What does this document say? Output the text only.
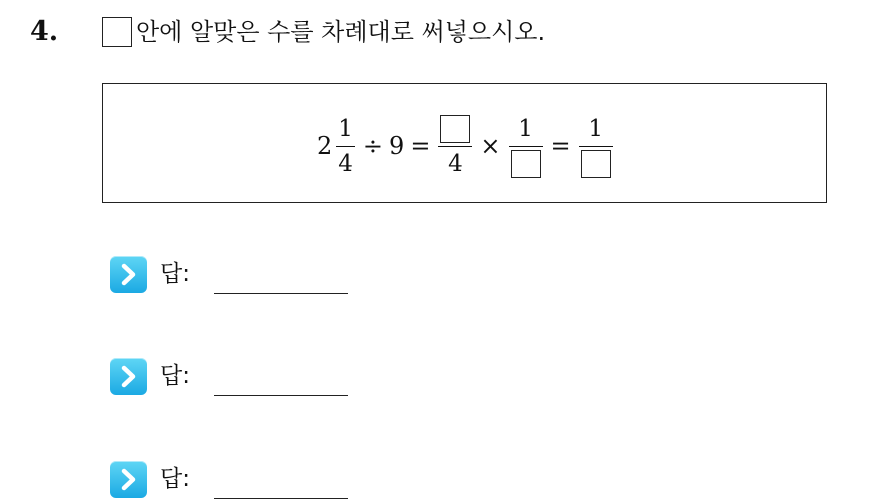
4.	안에 알맞은 수를 차례대로 써넣으시오.
$2 \frac{1}{4} \div 9$ =
4
×
1
=
1
답:
답:
답:
